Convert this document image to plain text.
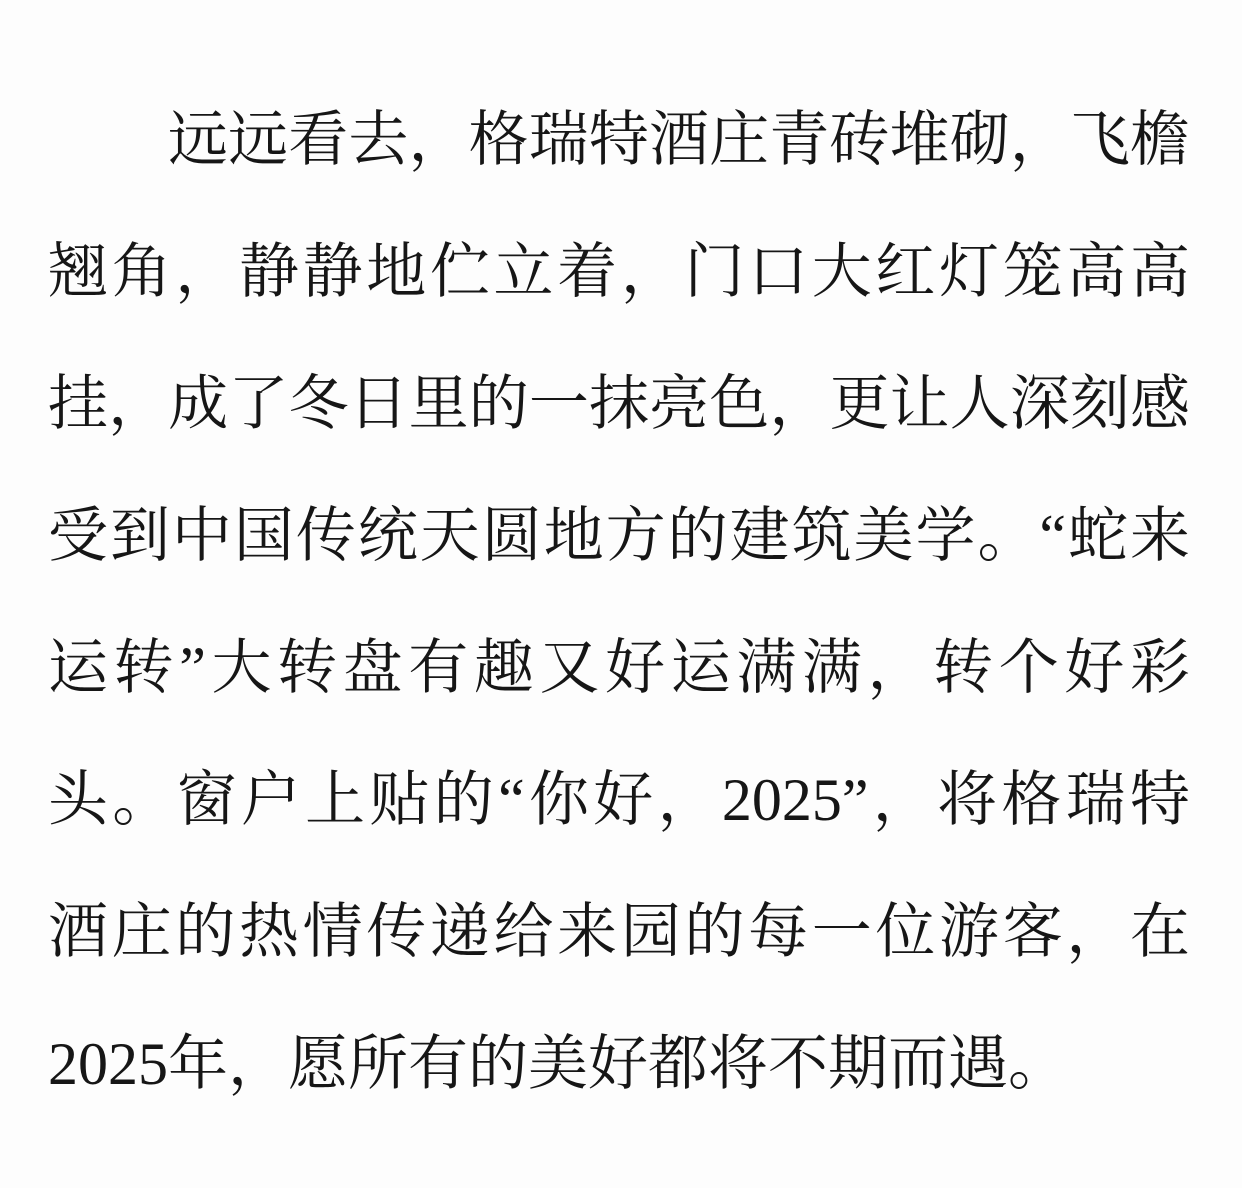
远远看去，格瑞特酒庄青砖堆砌，飞檐

翘角，静静地伫立着，门口大红灯笼高高

挂，成了冬日里的一抹亮色，更让人深刻感

受到中国传统天圆地方的建筑美学。“蛇来

运转”大转盘有趣又好运满满，转个好彩

头。窗户上贴的“你好，2025”，将格瑞特

酒庄的热情传递给来园的每一位游客，在

2025年，愿所有的美好都将不期而遇。
